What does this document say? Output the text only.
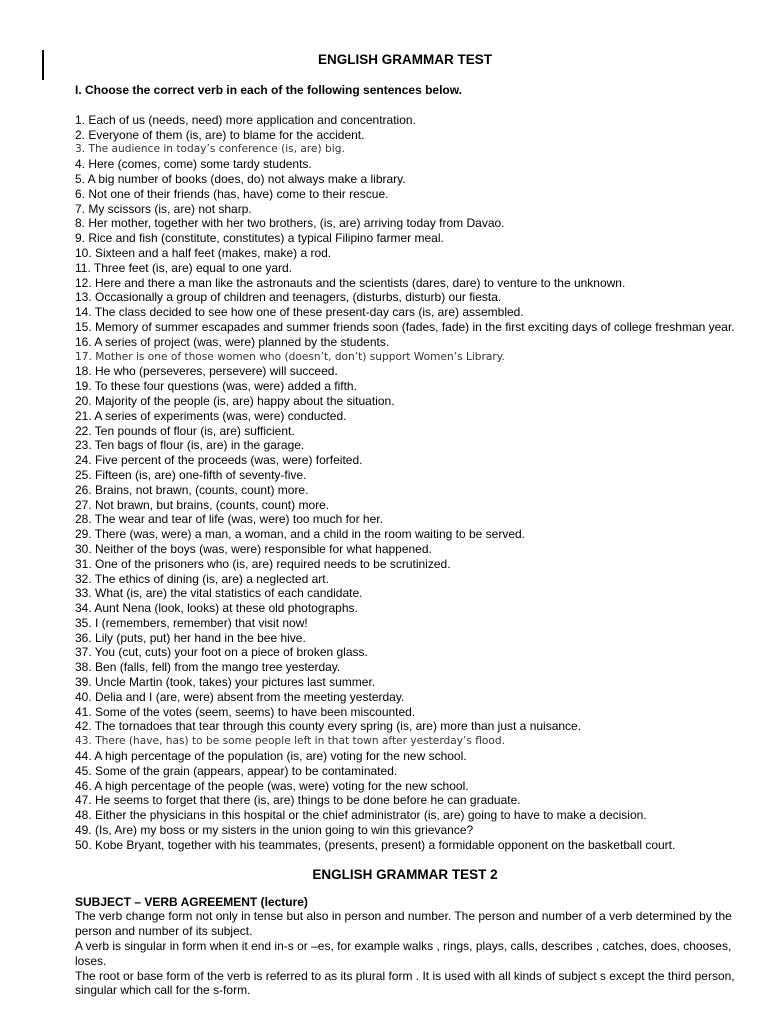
ENGLISH GRAMMAR TEST
I. Choose the correct verb in each of the following sentences below.
1. Each of us (needs, need) more application and concentration.
2. Everyone of them (is, are) to blame for the accident.
3. The audience in today’s conference (is, are) big.
4. Here (comes, come) some tardy students.
5. A big number of books (does, do) not always make a library.
6. Not one of their friends (has, have) come to their rescue.
7. My scissors (is, are) not sharp.
8. Her mother, together with her two brothers, (is, are) arriving today from Davao.
9. Rice and fish (constitute, constitutes) a typical Filipino farmer meal.
10. Sixteen and a half feet (makes, make) a rod.
11. Three feet (is, are) equal to one yard.
12. Here and there a man like the astronauts and the scientists (dares, dare) to venture to the unknown.
13. Occasionally a group of children and teenagers, (disturbs, disturb) our fiesta.
14. The class decided to see how one of these present-day cars (is, are) assembled.
15. Memory of summer escapades and summer friends soon (fades, fade) in the first exciting days of college freshman year.
16. A series of project (was, were) planned by the students.
17. Mother is one of those women who (doesn’t, don’t) support Women’s Library.
18. He who (perseveres, persevere) will succeed.
19. To these four questions (was, were) added a fifth.
20. Majority of the people (is, are) happy about the situation.
21. A series of experiments (was, were) conducted.
22. Ten pounds of flour (is, are) sufficient.
23. Ten bags of flour (is, are) in the garage.
24. Five percent of the proceeds (was, were) forfeited.
25. Fifteen (is, are) one-fifth of seventy-five.
26. Brains, not brawn, (counts, count) more.
27. Not brawn, but brains, (counts, count) more.
28. The wear and tear of life (was, were) too much for her.
29. There (was, were) a man, a woman, and a child in the room waiting to be served.
30. Neither of the boys (was, were) responsible for what happened.
31. One of the prisoners who (is, are) required needs to be scrutinized.
32. The ethics of dining (is, are) a neglected art.
33. What (is, are) the vital statistics of each candidate.
34. Aunt Nena (look, looks) at these old photographs.
35. I (remembers, remember) that visit now!
36. Lily (puts, put) her hand in the bee hive.
37. You (cut, cuts) your foot on a piece of broken glass.
38. Ben (falls, fell) from the mango tree yesterday.
39. Uncle Martin (took, takes) your pictures last summer.
40. Delia and I (are, were) absent from the meeting yesterday.
41. Some of the votes (seem, seems) to have been miscounted.
42. The tornadoes that tear through this county every spring (is, are) more than just a nuisance.
43. There (have, has) to be some people left in that town after yesterday’s flood.
44. A high percentage of the population (is, are) voting for the new school.
45. Some of the grain (appears, appear) to be contaminated.
46. A high percentage of the people (was, were) voting for the new school.
47. He seems to forget that there (is, are) things to be done before he can graduate.
48. Either the physicians in this hospital or the chief administrator (is, are) going to have to make a decision.
49. (Is, Are) my boss or my sisters in the union going to win this grievance?
50. Kobe Bryant, together with his teammates, (presents, present) a formidable opponent on the basketball court.
ENGLISH GRAMMAR TEST 2
SUBJECT – VERB AGREEMENT (lecture)

The verb change form not only in tense but also in person and number. The person and number of a verb determined by the person and number of its subject.

A verb is singular in form when it end in-s or –es, for example walks , rings, plays, calls, describes , catches, does, chooses, loses.

The root or base form of the verb is referred to as its plural form . It is used with all kinds of subject s except the third person, singular which call for the s-form.
